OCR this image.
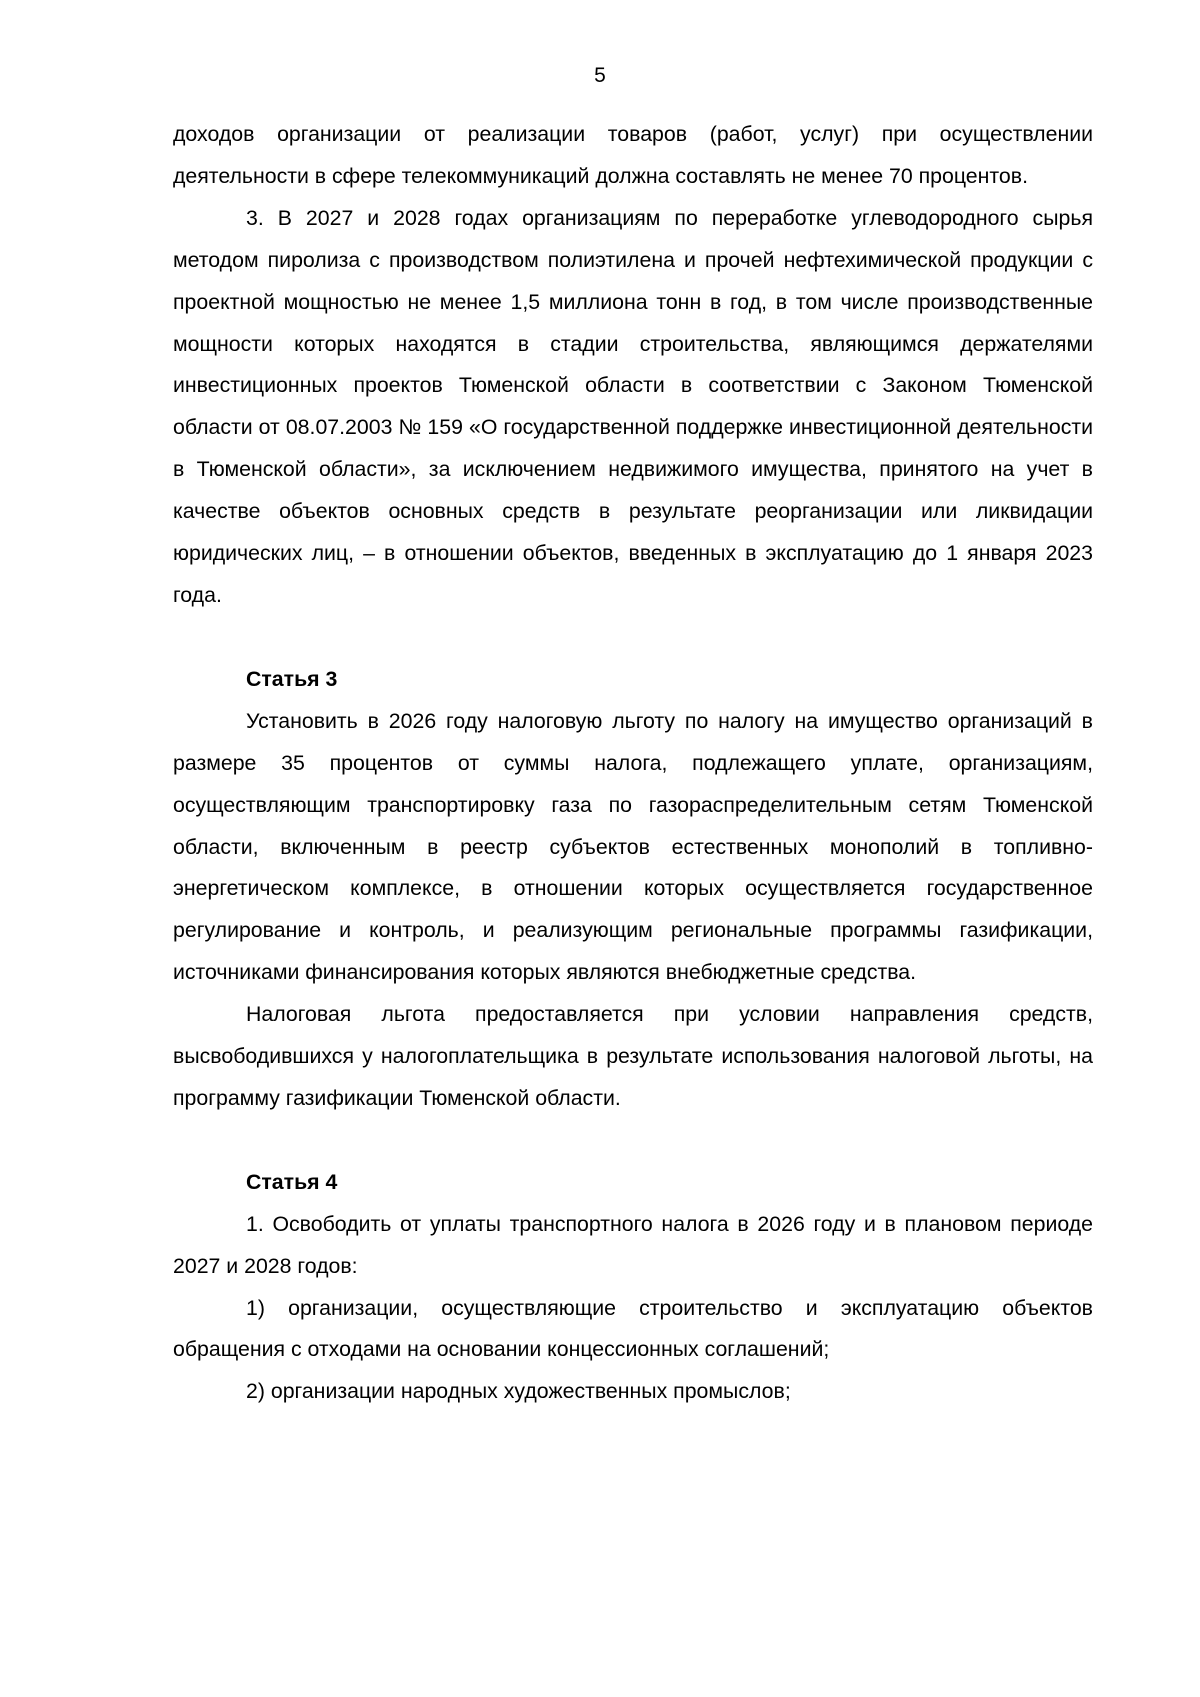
5

доходов организации от реализации товаров (работ, услуг) при осуществлении деятельности в сфере телекоммуникаций должна составлять не менее 70 процентов.

3. В 2027 и 2028 годах организациям по переработке углеводородного сырья методом пиролиза с производством полиэтилена и прочей нефтехимической продукции с проектной мощностью не менее 1,5 миллиона тонн в год, в том числе производственные мощности которых находятся в стадии строительства, являющимся держателями инвестиционных проектов Тюменской области в соответствии с Законом Тюменской области от 08.07.2003 № 159 «О государственной поддержке инвестиционной деятельности в Тюменской области», за исключением недвижимого имущества, принятого на учет в качестве объектов основных средств в результате реорганизации или ликвидации юридических лиц, – в отношении объектов, введенных в эксплуатацию до 1 января 2023 года.

Статья 3

Установить в 2026 году налоговую льготу по налогу на имущество организаций в размере 35 процентов от суммы налога, подлежащего уплате, организациям, осуществляющим транспортировку газа по газораспределительным сетям Тюменской области, включенным в реестр субъектов естественных монополий в топливно-энергетическом комплексе, в отношении которых осуществляется государственное регулирование и контроль, и реализующим региональные программы газификации, источниками финансирования которых являются внебюджетные средства.

Налоговая льгота предоставляется при условии направления средств, высвободившихся у налогоплательщика в результате использования налоговой льготы, на программу газификации Тюменской области.

Статья 4

1. Освободить от уплаты транспортного налога в 2026 году и в плановом периоде 2027 и 2028 годов:

1) организации, осуществляющие строительство и эксплуатацию объектов обращения с отходами на основании концессионных соглашений;

2) организации народных художественных промыслов;
